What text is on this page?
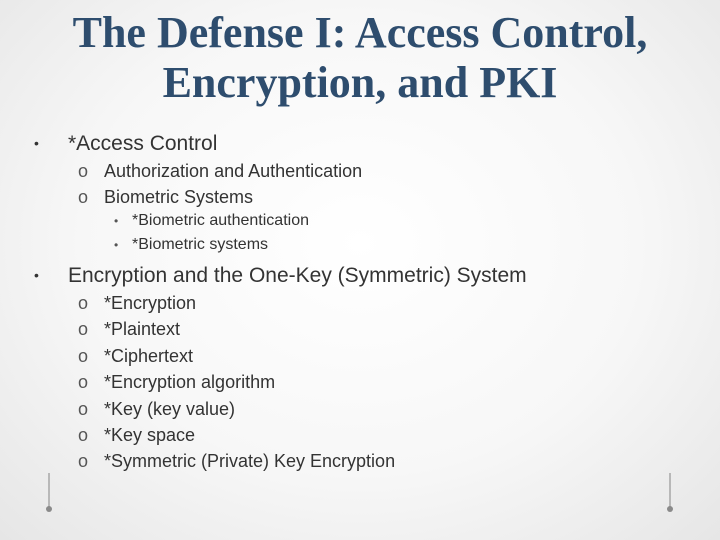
The Defense I: Access Control,
Encryption, and PKI
• *Access Control
o Authorization and Authentication
o Biometric Systems
• *Biometric authentication
• *Biometric systems
• Encryption and the One-Key (Symmetric) System
o *Encryption
o *Plaintext
o *Ciphertext
o *Encryption algorithm
o *Key (key value)
o *Key space
o *Symmetric (Private) Key Encryption
